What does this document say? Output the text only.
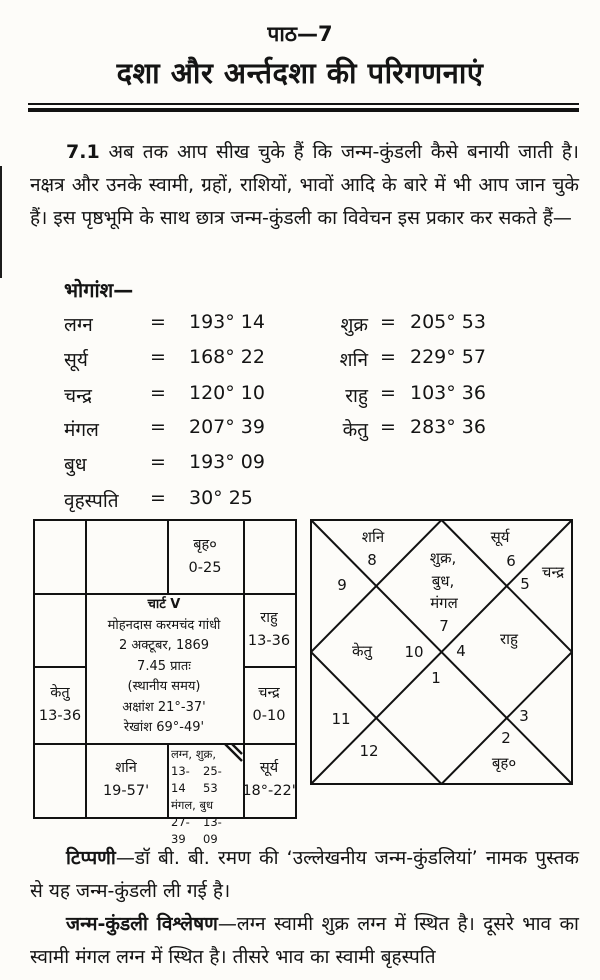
पाठ—7
दशा और अर्न्तदशा की परिगणनाएं
7.1 अब तक आप सीख चुके हैं कि जन्म-कुंडली कैसे बनायी जाती है। नक्षत्र और उनके स्वामी, ग्रहों, राशियों, भावों आदि के बारे में भी आप जान चुके हैं। इस पृष्ठभूमि के साथ छात्र जन्म-कुंडली का विवेचन इस प्रकार कर सकते हैं—
भोगांश—
लग्न	= 193° 14	शुक्र = 205° 53
सूर्य	= 168° 22	शनि = 229° 57
चन्द्र	= 120° 10	राहु = 103° 36
मंगल	= 207° 39	केतु = 283° 36
बुध	= 193° 09
वृहस्पति = 30° 25
बृह०
0-25
राहु
13-36
केतु
13-36
चन्द्र
0-10
शनि
19-57'
सूर्य
18°-22'
लग्न, शुक्र,
13-14
25-53
मंगल, बुध
27-39
13-09
चार्ट V
मोहनदास करमचंद गांधी
2 अक्टूबर, 1869
7.45 प्रातः
(स्थानीय समय)
अक्षांश 21°-37'
रेखांश 69°-49'
शनि
8
9
शुक्र,
बुध,
मंगल
7
सूर्य
6
चन्द्र
5
केतु 10 4
राहु
1
11
12
3
2
बृह०
टिप्पणी—डॉ बी. बी. रमण की ‘उल्लेखनीय जन्म-कुंडलियां’ नामक पुस्तक से यह जन्म-कुंडली ली गई है।
जन्म-कुंडली विश्लेषण—लग्न स्वामी शुक्र लग्न में स्थित है। दूसरे भाव का स्वामी मंगल लग्न में स्थित है। तीसरे भाव का स्वामी बृहस्पति
